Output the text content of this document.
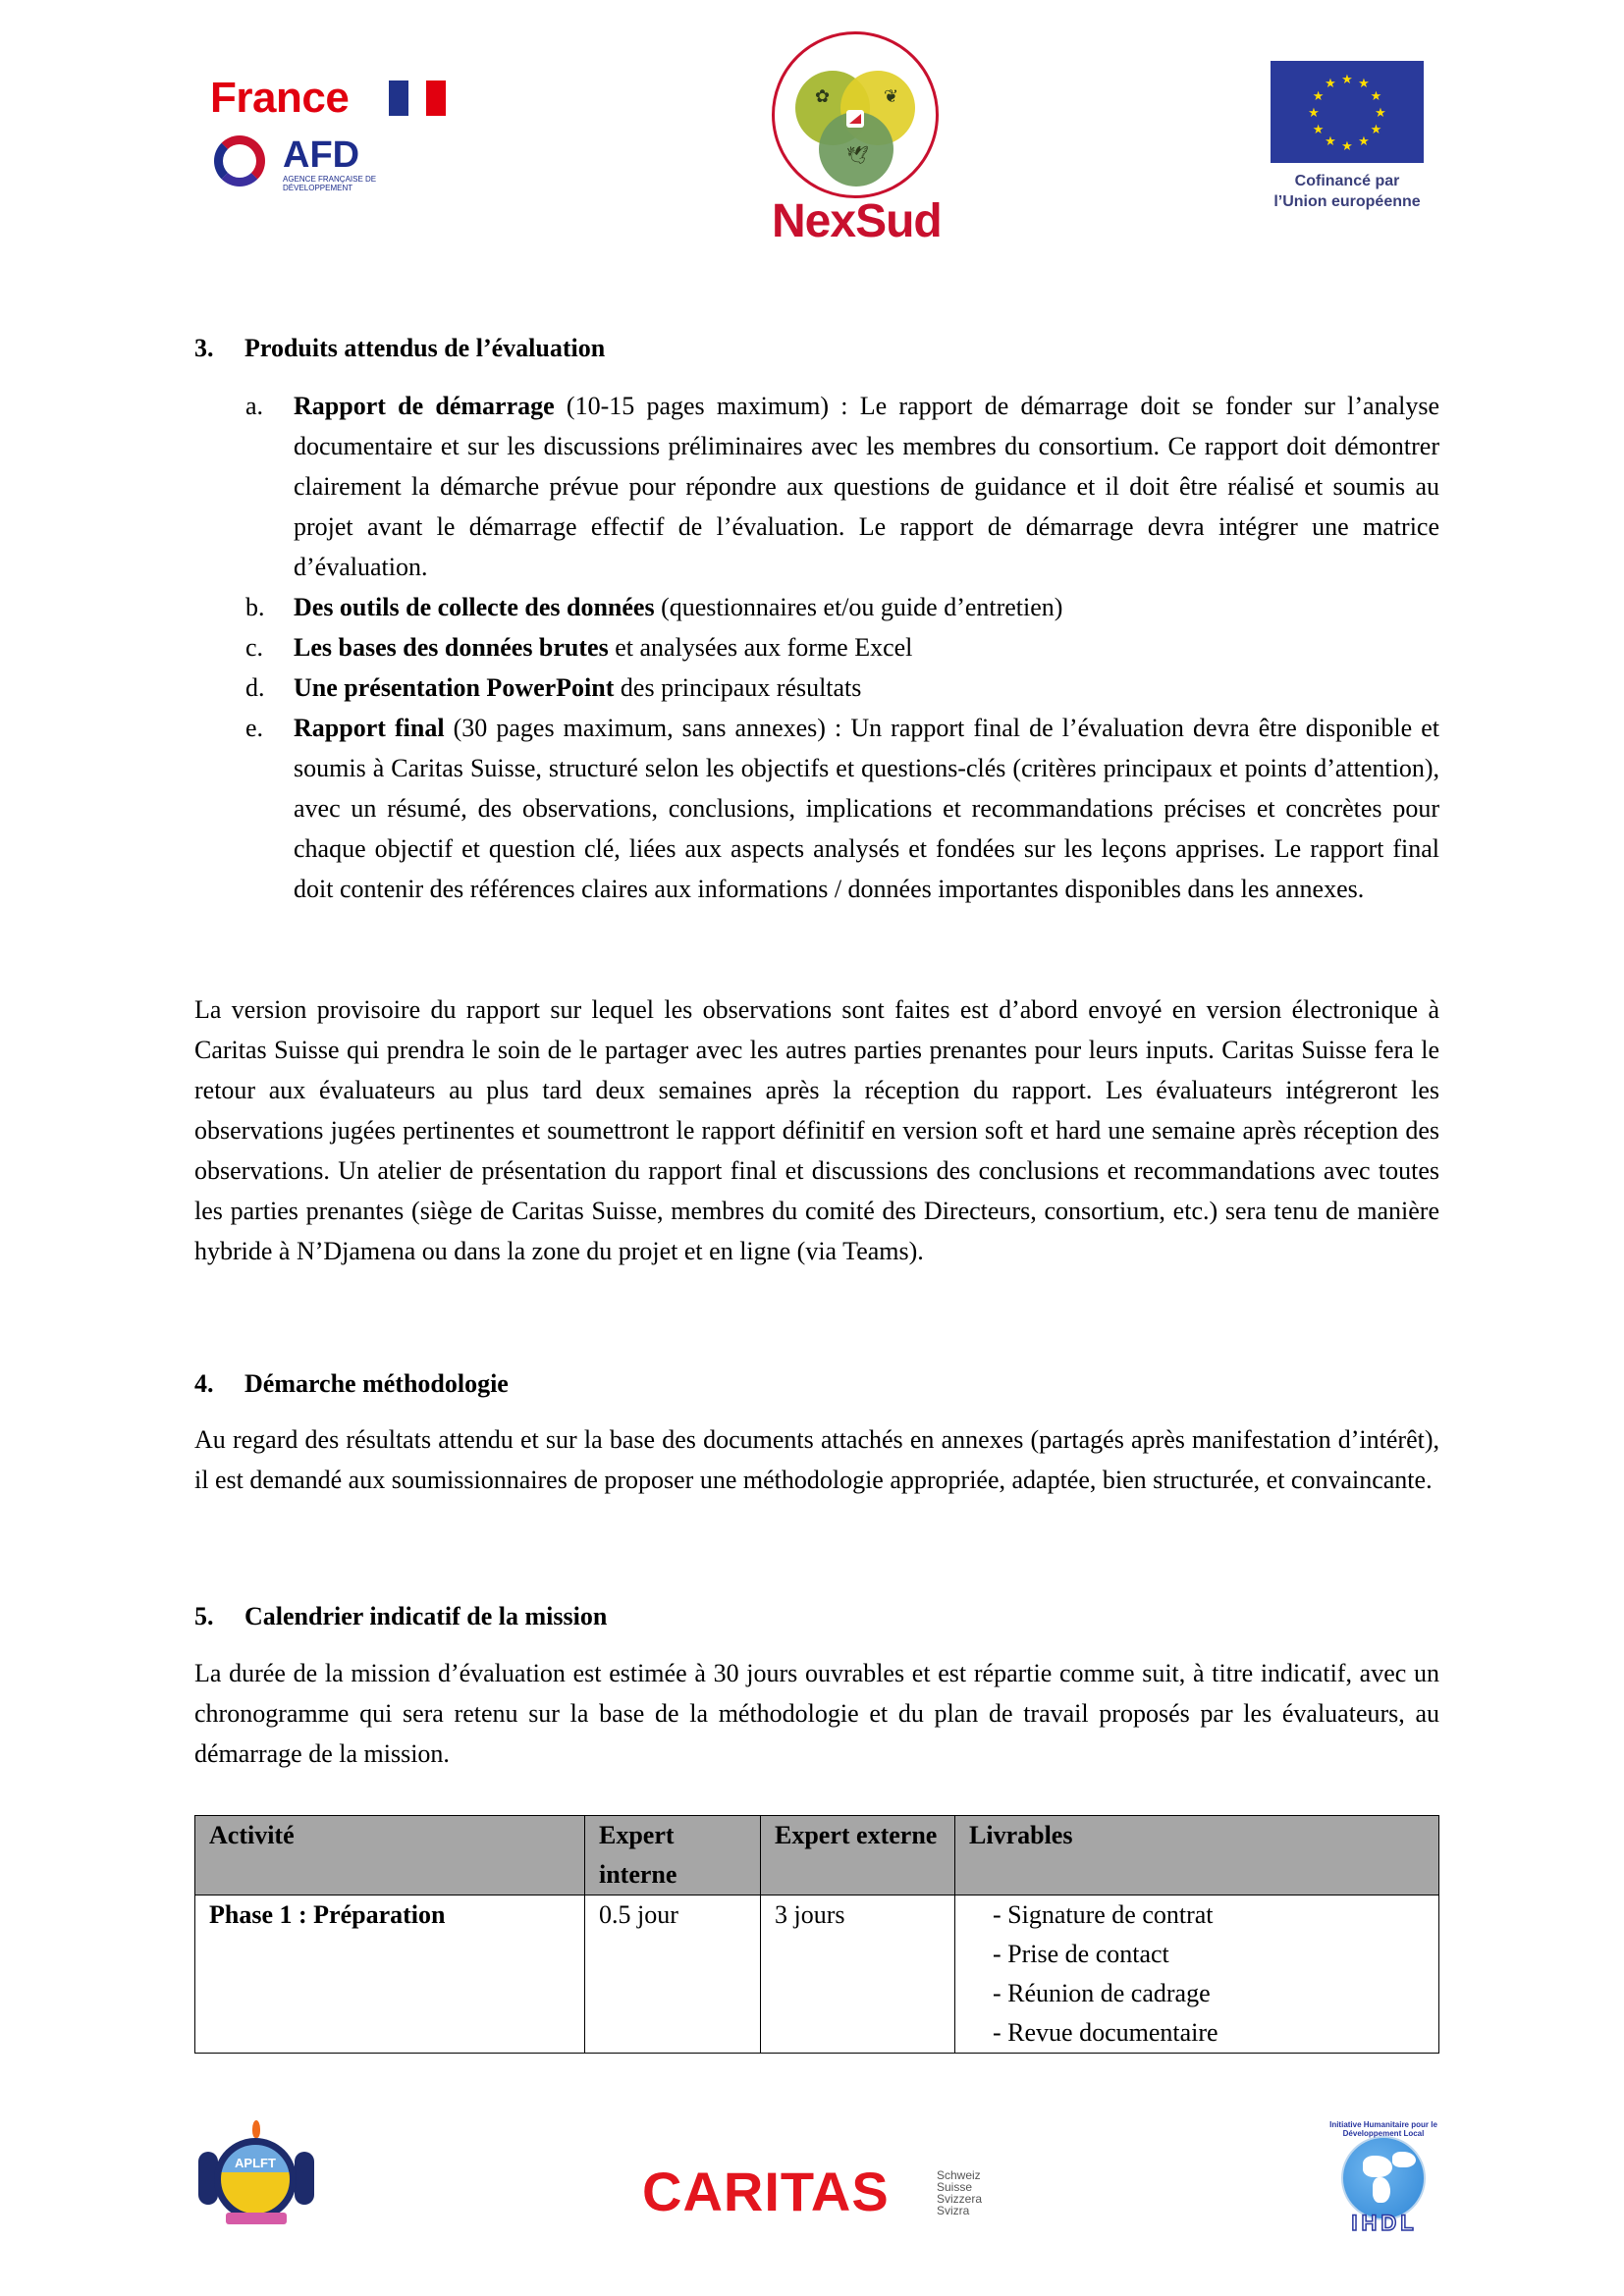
France
AFD
AGENCE FRANÇAISE DE DÉVELOPPEMENT
✿	❦
🕊
NexSud
★ ★
★
★
★
★
★
★
★
★
★
★
Cofinancé par
l’Union européenne
3. Produits attendus de l’évaluation
a.	Rapport de démarrage (10-15 pages maximum) : Le rapport de démarrage doit se fonder sur l’analyse documentaire et sur les discussions préliminaires avec les membres du consortium. Ce rapport doit démontrer clairement la démarche prévue pour répondre aux questions de guidance et il doit être réalisé et soumis au projet avant le démarrage effectif de l’évaluation. Le rapport de démarrage devra intégrer une matrice d’évaluation.
b.	Des outils de collecte des données (questionnaires et/ou guide d’entretien)
c.	Les bases des données brutes et analysées aux forme Excel
d.	Une présentation PowerPoint des principaux résultats
e.	Rapport final (30 pages maximum, sans annexes) : Un rapport final de l’évaluation devra être disponible et soumis à Caritas Suisse, structuré selon les objectifs et questions-clés (critères principaux et points d’attention), avec un résumé, des observations, conclusions, implications et recommandations précises et concrètes pour chaque objectif et question clé, liées aux aspects analysés et fondées sur les leçons apprises. Le rapport final doit contenir des références claires aux informations / données importantes disponibles dans les annexes.
La version provisoire du rapport sur lequel les observations sont faites est d’abord envoyé en version électronique à Caritas Suisse qui prendra le soin de le partager avec les autres parties prenantes pour leurs inputs. Caritas Suisse fera le retour aux évaluateurs au plus tard deux semaines après la réception du rapport. Les évaluateurs intégreront les observations jugées pertinentes et soumettront le rapport définitif en version soft et hard une semaine après réception des observations. Un atelier de présentation du rapport final et discussions des conclusions et recommandations avec toutes les parties prenantes (siège de Caritas Suisse, membres du comité des Directeurs, consortium, etc.) sera tenu de manière hybride à N’Djamena ou dans la zone du projet et en ligne (via Teams).
4. Démarche méthodologie
Au regard des résultats attendu et sur la base des documents attachés en annexes (partagés après manifestation d’intérêt), il est demandé aux soumissionnaires de proposer une méthodologie appropriée, adaptée, bien structurée, et convaincante.
5. Calendrier indicatif de la mission
La durée de la mission d’évaluation est estimée à 30 jours ouvrables et est répartie comme suit, à titre indicatif, avec un chronogramme qui sera retenu sur la base de la méthodologie et du plan de travail proposés par les évaluateurs, au démarrage de la mission.
Activité	Expert interne	Expert externe	Livrables
Phase 1 : Préparation	0.5 jour	3 jours	- Signature de contrat
- Prise de contact
- Réunion de cadrage
- Revue documentaire
APLFT	CARITAS	Schweiz
Suisse
Svizzera
Svizra
Initiative Humanitaire pour le Développement Local
IHDL
